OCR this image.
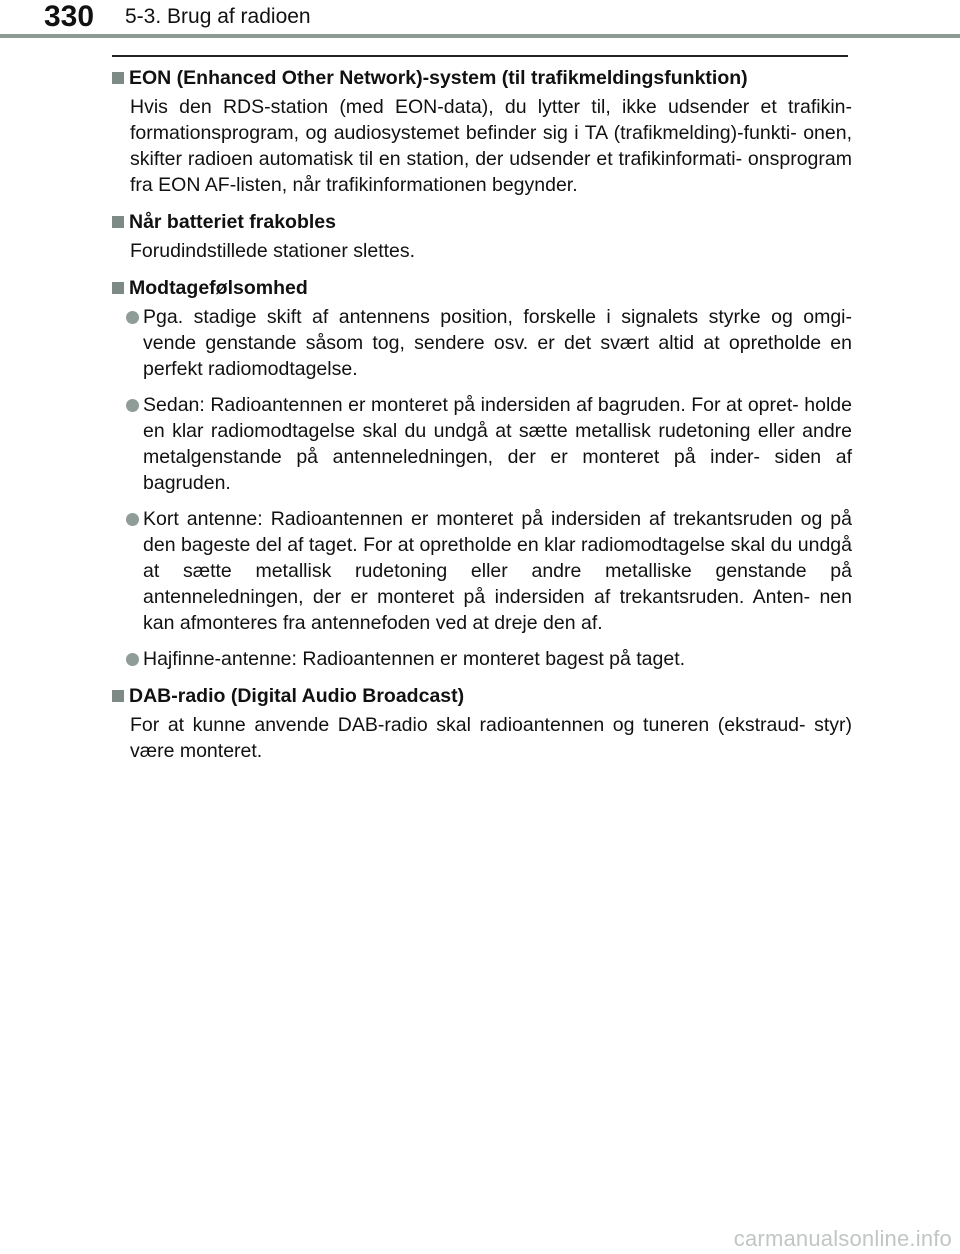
330 5-3. Brug af radioen
EON (Enhanced Other Network)-system (til trafikmeldingsfunktion)

Hvis den RDS-station (med EON-data), du lytter til, ikke udsender et trafikin- formationsprogram, og audiosystemet befinder sig i TA (trafikmelding)-funkti- onen, skifter radioen automatisk til en station, der udsender et trafikinformati- onsprogram fra EON AF-listen, når trafikinformationen begynder.

Når batteriet frakobles

Forudindstillede stationer slettes.

Modtagefølsomhed
Pga. stadige skift af antennens position, forskelle i signalets styrke og omgi- vende genstande såsom tog, sendere osv. er det svært altid at opretholde en perfekt radiomodtagelse.
Sedan: Radioantennen er monteret på indersiden af bagruden. For at opret- holde en klar radiomodtagelse skal du undgå at sætte metallisk rudetoning eller andre metalgenstande på antenneledningen, der er monteret på inder- siden af bagruden.
Kort antenne: Radioantennen er monteret på indersiden af trekantsruden og på den bageste del af taget. For at opretholde en klar radiomodtagelse skal du undgå at sætte metallisk rudetoning eller andre metalliske genstande på antenneledningen, der er monteret på indersiden af trekantsruden. Anten- nen kan afmonteres fra antennefoden ved at dreje den af.
Hajfinne-antenne: Radioantennen er monteret bagest på taget.
DAB-radio (Digital Audio Broadcast)

For at kunne anvende DAB-radio skal radioantennen og tuneren (ekstraud- styr) være monteret.

carmanualsonline.info
